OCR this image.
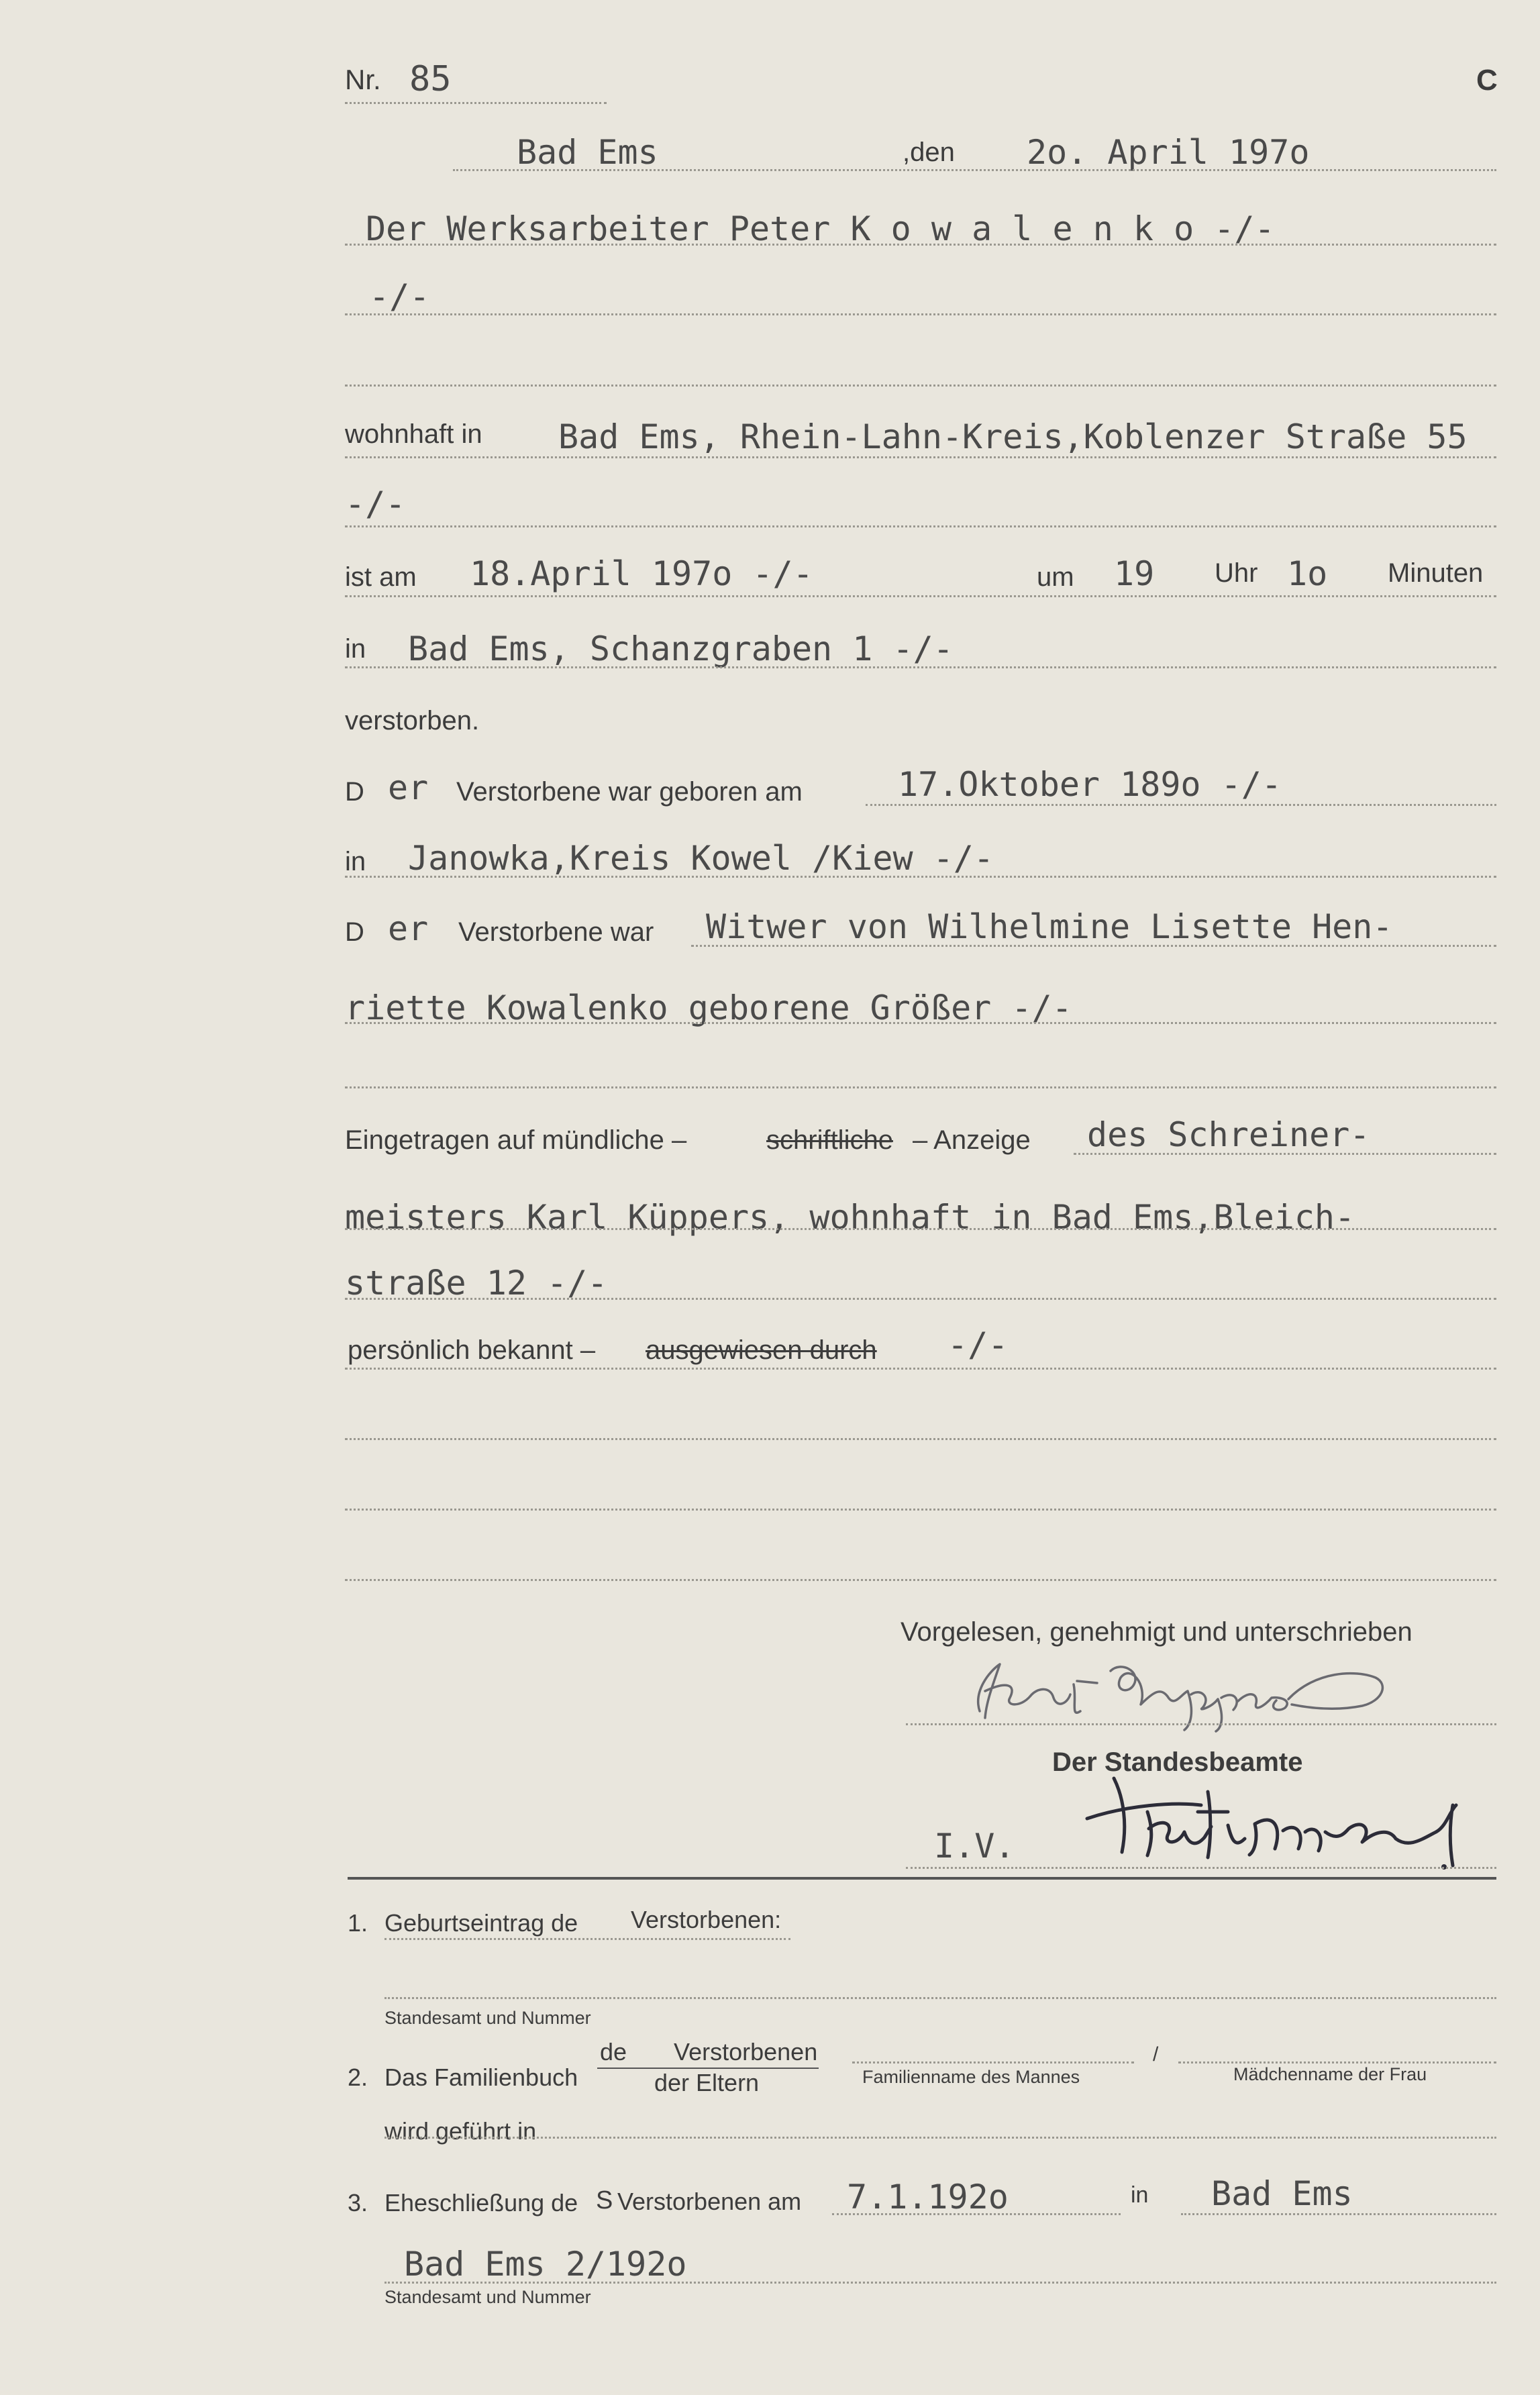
Nr. 85	C
Bad Ems	,den 2o. April 197o
Der Werksarbeiter Peter K o w a l e n k o -/-
-/-
wohnhaft in Bad Ems, Rhein-Lahn-Kreis,Koblenzer Straße 55
-/-
ist am 18.April 197o -/-	um 19 Uhr 1o Minuten
in Bad Ems, Schanzgraben 1 -/-
verstorben.
D er Verstorbene war geboren am	17.Oktober 189o -/-
in Janowka,Kreis Kowel /Kiew -/-
D er Verstorbene war Witwer von Wilhelmine Lisette Hen-
riette Kowalenko geborene Größer -/-
Eingetragen auf mündliche –	schriftliche – Anzeige des Schreiner-
meisters Karl Küppers, wohnhaft in Bad Ems,Bleich-
straße 12 -/-
persönlich bekannt – ausgewiesen durch -/-
Vorgelesen, genehmigt und unterschrieben
Der Standesbeamte
I.V.
1. Geburtseintrag de Verstorbenen:
Standesamt und Nummer
2. Das Familienbuch
de       Verstorbenen
der Eltern	Familienname des Mannes
/
Mädchenname der Frau
wird geführt in
3. Eheschließung de S Verstorbenen am 7.1.192o	in Bad Ems
Bad Ems 2/192o
Standesamt und Nummer
